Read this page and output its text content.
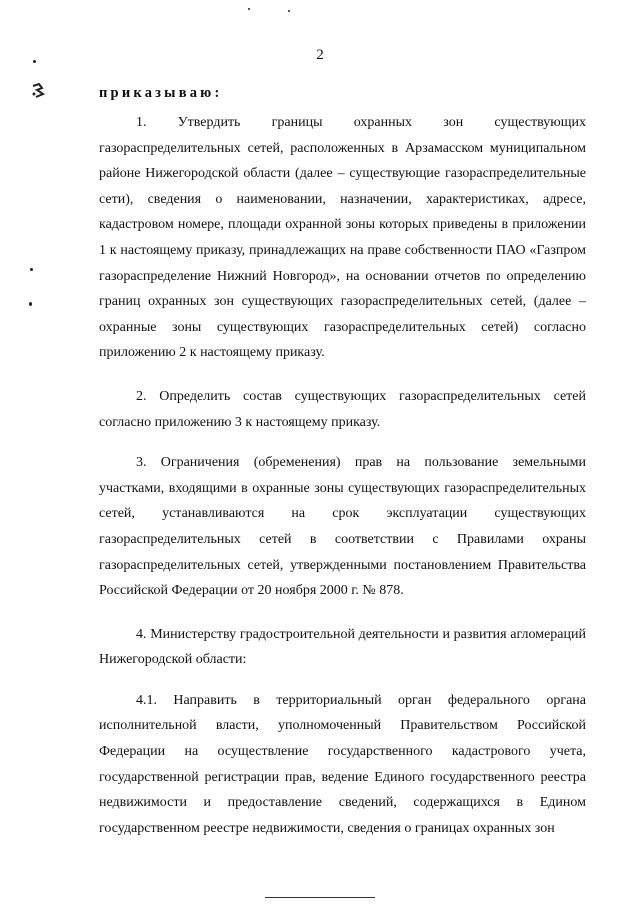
2
приказываю:

1. Утвердить границы охранных зон существующих газораспределительных сетей, расположенных в Арзамасском муниципальном районе Нижегородской области (далее – существующие газораспределительные сети), сведения о наименовании, назначении, характеристиках, адресе, кадастровом номере, площади охранной зоны которых приведены в приложении 1 к настоящему приказу, принадлежащих на праве собственности ПАО «Газпром газораспределение Нижний Новгород», на основании отчетов по определению границ охранных зон существующих газораспределительных сетей, (далее – охранные зоны существующих газораспределительных сетей) согласно приложению 2 к настоящему приказу.

2. Определить состав существующих газораспределительных сетей согласно приложению 3 к настоящему приказу.

3. Ограничения (обременения) прав на пользование земельными участками, входящими в охранные зоны существующих газораспределительных сетей, устанавливаются на срок эксплуатации существующих газораспределительных сетей в соответствии с Правилами охраны газораспределительных сетей, утвержденными постановлением Правительства Российской Федерации от 20 ноября 2000 г. № 878.

4. Министерству градостроительной деятельности и развития агломераций Нижегородской области:

4.1. Направить в территориальный орган федерального органа исполнительной власти, уполномоченный Правительством Российской Федерации на осуществление государственного кадастрового учета, государственной регистрации прав, ведение Единого государственного реестра недвижимости и предоставление сведений, содержащихся в Едином государственном реестре недвижимости, сведения о границах охранных зон
